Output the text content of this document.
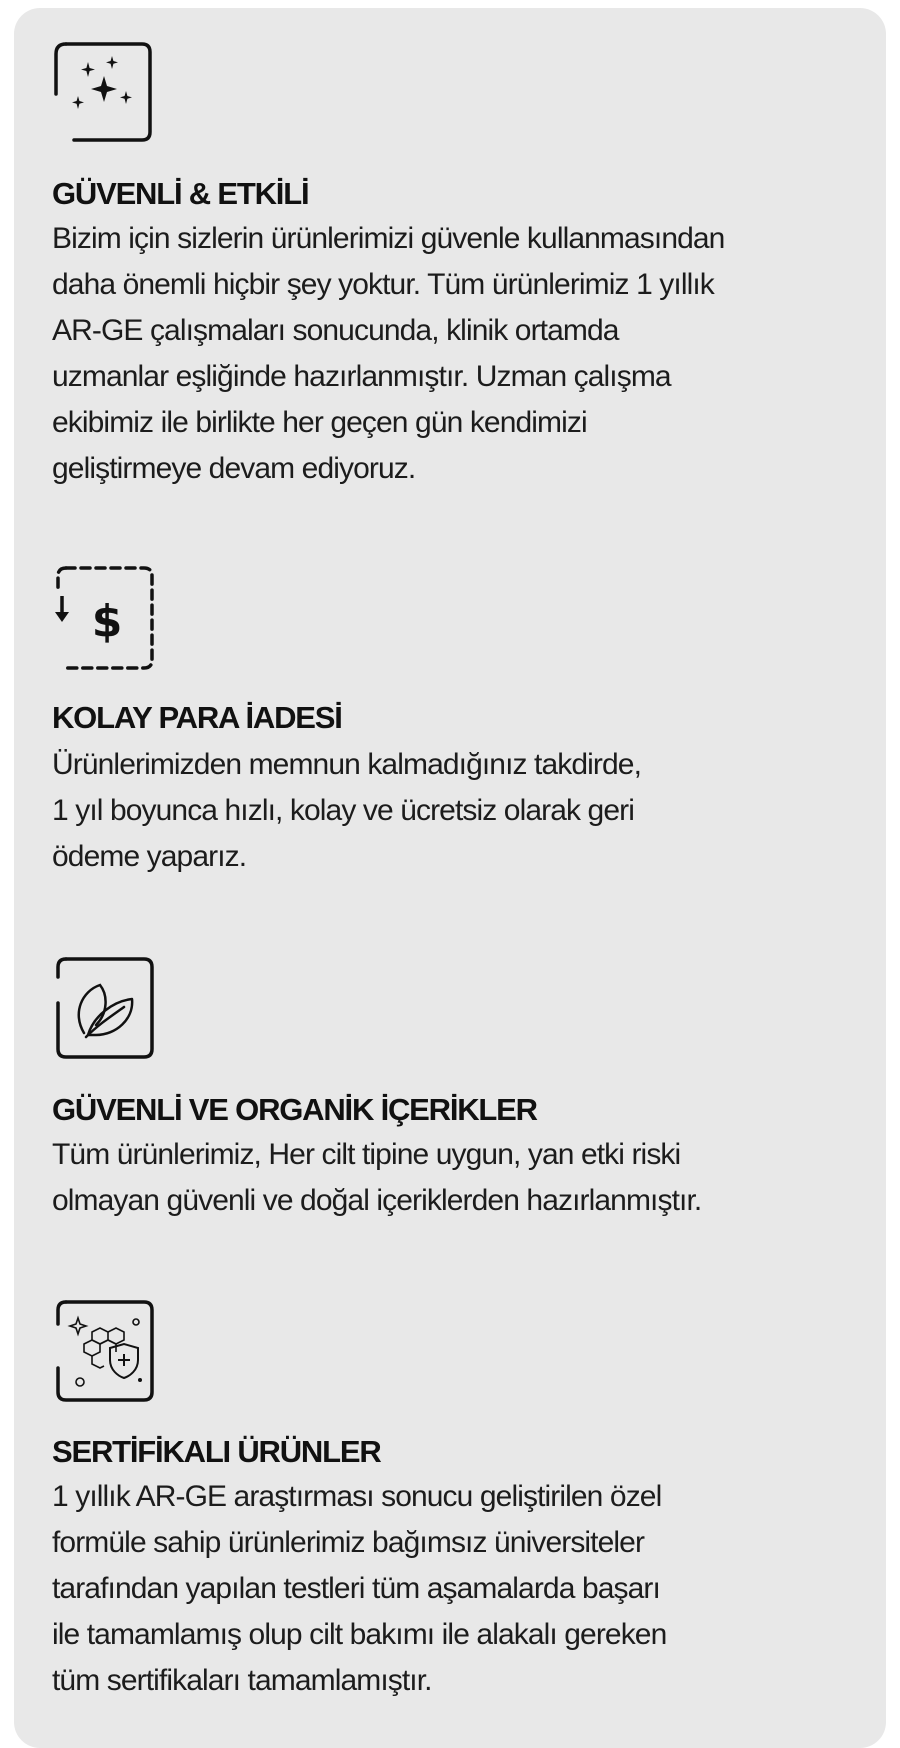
GÜVENLİ & ETKİLİ

Bizim için sizlerin ürünlerimizi güvenle kullanmasından
daha önemli hiçbir şey yoktur. Tüm ürünlerimiz 1 yıllık
AR-GE çalışmaları sonucunda, klinik ortamda
uzmanlar eşliğinde hazırlanmıştır. Uzman çalışma
ekibimiz ile birlikte her geçen gün kendimizi
geliştirmeye devam ediyoruz.

$
KOLAY PARA İADESİ

Ürünlerimizden memnun kalmadığınız takdirde,
1 yıl boyunca hızlı, kolay ve ücretsiz olarak geri
ödeme yaparız.

GÜVENLİ VE ORGANİK İÇERİKLER

Tüm ürünlerimiz, Her cilt tipine uygun, yan etki riski
olmayan güvenli ve doğal içeriklerden hazırlanmıştır.

SERTİFİKALI ÜRÜNLER

1 yıllık AR-GE araştırması sonucu geliştirilen özel
formüle sahip ürünlerimiz bağımsız üniversiteler
tarafından yapılan testleri tüm aşamalarda başarı
ile tamamlamış olup cilt bakımı ile alakalı gereken
tüm sertifikaları tamamlamıştır.
